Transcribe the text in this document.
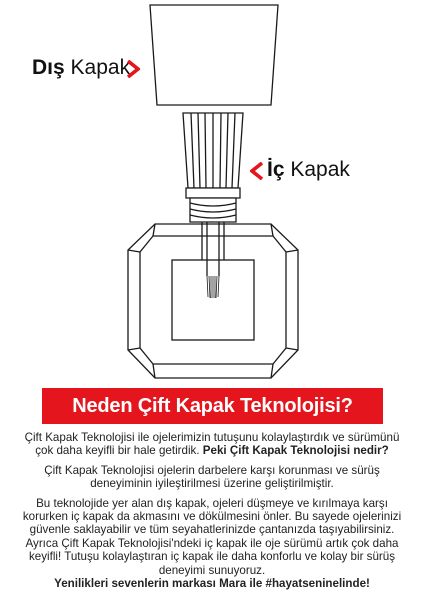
Dış Kapak
İç Kapak
Neden Çift Kapak Teknolojisi?

Çift Kapak Teknolojisi ile ojelerimizin tutuşunu kolaylaştırdık ve sürümünü çok daha keyifli bir hale getirdik. Peki Çift Kapak Teknolojisi nedir?

Çift Kapak Teknolojisi ojelerin darbelere karşı korunması ve sürüş deneyiminin iyileştirilmesi üzerine geliştirilmiştir.

Bu teknolojide yer alan dış kapak, ojeleri düşmeye ve kırılmaya karşı korurken iç kapak da akmasını ve dökülmesini önler. Bu sayede ojelerinizi güvenle saklayabilir ve tüm seyahatlerinizde çantanızda taşıyabilirsiniz.

Ayrıca Çift Kapak Teknolojisi'ndeki iç kapak ile oje sürümü artık çok daha keyifli! Tutuşu kolaylaştıran iç kapak ile daha konforlu ve kolay bir sürüş deneyimi sunuyoruz.

Yenilikleri sevenlerin markası Mara ile #hayatseninelinde!
